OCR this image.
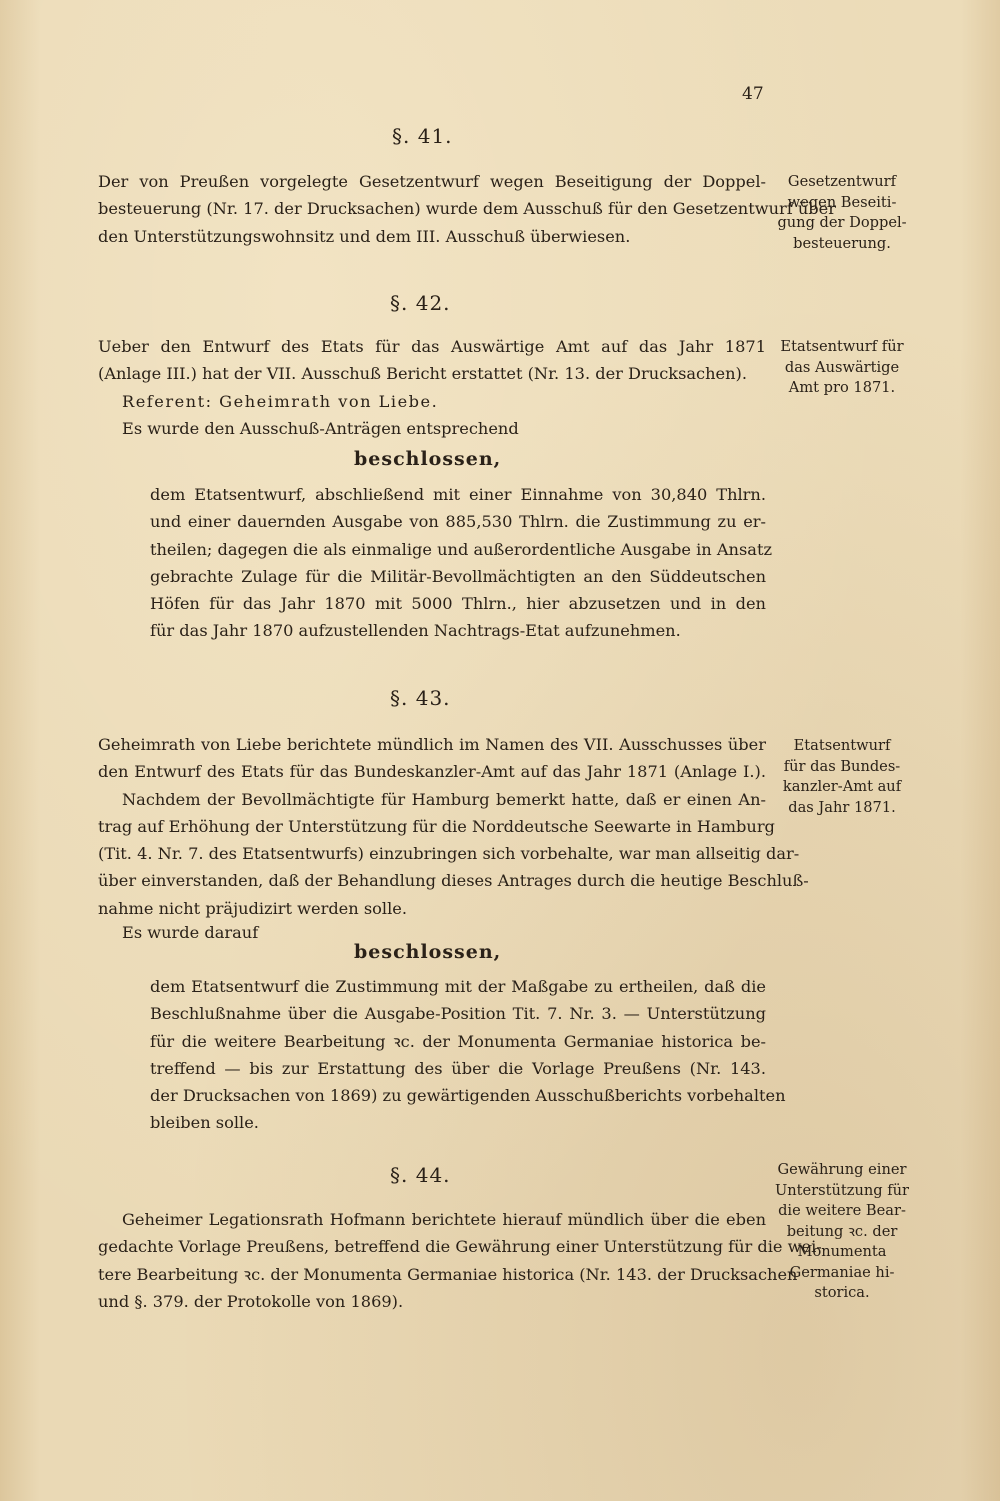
47
§. 41.
Der von Preußen vorgelegte Gesetzentwurf wegen Beseitigung der Doppel-
besteuerung (Nr. 17. der Drucksachen) wurde dem Ausschuß für den Gesetzentwurf über
den Unterstützungswohnsitz und dem III. Ausschuß überwiesen.
Gesetzentwurf
wegen Beseiti-
gung der Doppel-
besteuerung.
§. 42.
Ueber den Entwurf des Etats für das Auswärtige Amt auf das Jahr 1871
(Anlage III.) hat der VII. Ausschuß Bericht erstattet (Nr. 13. der Drucksachen).
Referent: Geheimrath von Liebe.
Es wurde den Ausschuß-Anträgen entsprechend
beschlossen,
dem Etatsentwurf, abschließend mit einer Einnahme von 30,840 Thlrn.
und einer dauernden Ausgabe von 885,530 Thlrn. die Zustimmung zu er-
theilen; dagegen die als einmalige und außerordentliche Ausgabe in Ansatz
gebrachte Zulage für die Militär-Bevollmächtigten an den Süddeutschen
Höfen für das Jahr 1870 mit 5000 Thlrn., hier abzusetzen und in den
für das Jahr 1870 aufzustellenden Nachtrags-Etat aufzunehmen.
Etatsentwurf für
das Auswärtige
Amt pro 1871.
§. 43.
Geheimrath von Liebe berichtete mündlich im Namen des VII. Ausschusses über
den Entwurf des Etats für das Bundeskanzler-Amt auf das Jahr 1871 (Anlage I.).
Nachdem der Bevollmächtigte für Hamburg bemerkt hatte, daß er einen An-
trag auf Erhöhung der Unterstützung für die Norddeutsche Seewarte in Hamburg
(Tit. 4. Nr. 7. des Etatsentwurfs) einzubringen sich vorbehalte, war man allseitig dar-
über einverstanden, daß der Behandlung dieses Antrages durch die heutige Beschluß-
nahme nicht präjudizirt werden solle.
Es wurde darauf
beschlossen,
dem Etatsentwurf die Zustimmung mit der Maßgabe zu ertheilen, daß die
Beschlußnahme über die Ausgabe-Position Tit. 7. Nr. 3. — Unterstützung
für die weitere Bearbeitung ꝛc. der Monumenta Germaniae historica be-
treffend — bis zur Erstattung des über die Vorlage Preußens (Nr. 143.
der Drucksachen von 1869) zu gewärtigenden Ausschußberichts vorbehalten
bleiben solle.
Etatsentwurf
für das Bundes-
kanzler-Amt auf
das Jahr 1871.
§. 44.
Geheimer Legationsrath Hofmann berichtete hierauf mündlich über die eben
gedachte Vorlage Preußens, betreffend die Gewährung einer Unterstützung für die wei-
tere Bearbeitung ꝛc. der Monumenta Germaniae historica (Nr. 143. der Drucksachen
und §. 379. der Protokolle von 1869).
Gewährung einer
Unterstützung für
die weitere Bear-
beitung ꝛc. der
Monumenta
Germaniae hi-
storica.
